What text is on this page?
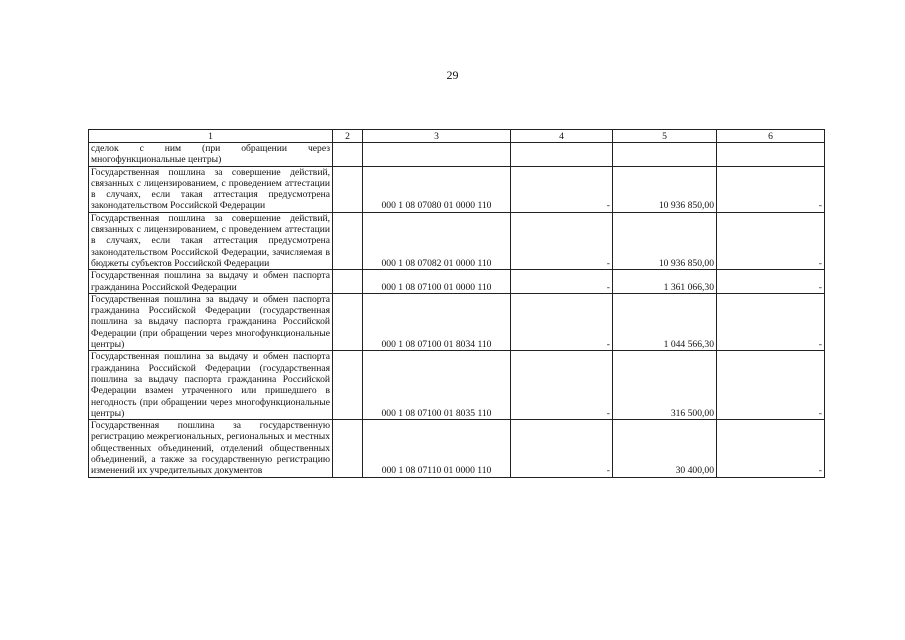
29
1	2	3	4	5	6
сделок с ним (при обращении через многофункциональные центры)					
Государственная пошлина за совершение действий, связанных с лицензированием, с проведением аттестации в случаях, если такая аттестация предусмотрена законодательством Российской Федерации		000 1 08 07080 01 0000 110	-	10 936 850,00	-
Государственная пошлина за совершение действий, связанных с лицензированием, с проведением аттестации в случаях, если такая аттестация предусмотрена законодательством Российской Федерации, зачисляемая в бюджеты субъектов Российской Федерации		000 1 08 07082 01 0000 110	-	10 936 850,00	-
Государственная пошлина за выдачу и обмен паспорта гражданина Российской Федерации		000 1 08 07100 01 0000 110	-	1 361 066,30	-
Государственная пошлина за выдачу и обмен паспорта гражданина Российской Федерации (государственная пошлина за выдачу паспорта гражданина Российской Федерации (при обращении через многофункциональные центры)		000 1 08 07100 01 8034 110	-	1 044 566,30	-
Государственная пошлина за выдачу и обмен паспорта гражданина Российской Федерации (государственная пошлина за выдачу паспорта гражданина Российской Федерации взамен утраченного или пришедшего в негодность (при обращении через многофункциональные центры)		000 1 08 07100 01 8035 110	-	316 500,00	-
Государственная пошлина за государственную регистрацию межрегиональных, региональных и местных общественных объединений, отделений общественных объединений, а также за государственную регистрацию изменений их учредительных документов		000 1 08 07110 01 0000 110	-	30 400,00	-
